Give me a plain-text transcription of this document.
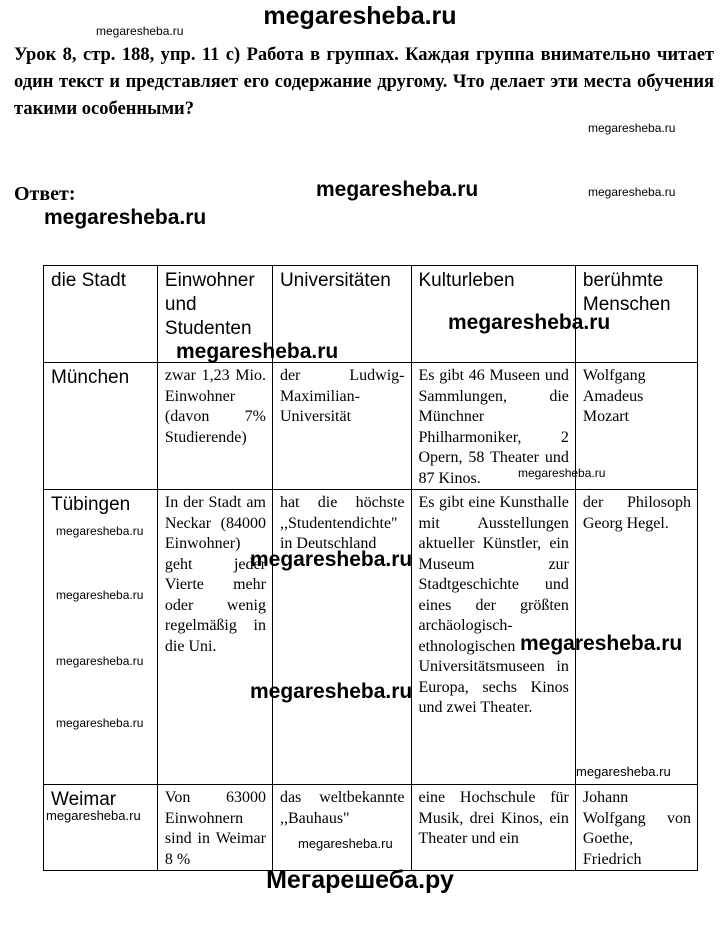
megaresheba.ru
Урок 8, стр. 188, упр. 11 c) Работа в группах. Каждая группа внимательно читает один текст и представляет его содержание другому. Что делает эти места обучения такими особенными?
Ответ:
die Stadt	Einwohner und Studenten	Universitäten	Kulturleben	berühmte Menschen
München	zwar 1,23 Mio. Einwohner (davon 7% Studierende)	der Ludwig-Maximilian-Universität	Es gibt 46 Museen und Sammlungen, die Münchner Philharmoniker, 2 Opern, 58 Theater und 87 Kinos.	Wolfgang Amadeus Mozart
Tübingen	In der Stadt am Neckar (84000 Einwohner) geht jeder Vierte mehr oder wenig regelmäßig in die Uni.	hat die höchste ,,Studentendichte" in Deutschland	Es gibt eine Kunsthalle mit Ausstellungen aktueller Künstler, ein Museum zur Stadtgeschichte und eines der größten archäologisch-ethnologischen Universitätsmuseen in Europa, sechs Kinos und zwei Theater.	der Philosoph Georg Hegel.
Weimar	Von 63000 Einwohnern sind in Weimar 8 %	das weltbekannte ,,Bauhaus"	eine Hochschule für Musik, drei Kinos, ein Theater und ein	Johann Wolfgang von Goethe, Friedrich
megaresheba.ru
megaresheba.ru
megaresheba.ru
megaresheba.ru
megaresheba.ru
megaresheba.ru
megaresheba.ru
megaresheba.ru
megaresheba.ru
megaresheba.ru
megaresheba.ru
megaresheba.ru
megaresheba.ru
megaresheba.ru
megaresheba.ru
megaresheba.ru
megaresheba.ru
megaresheba.ru
Мегарешеба.ру
